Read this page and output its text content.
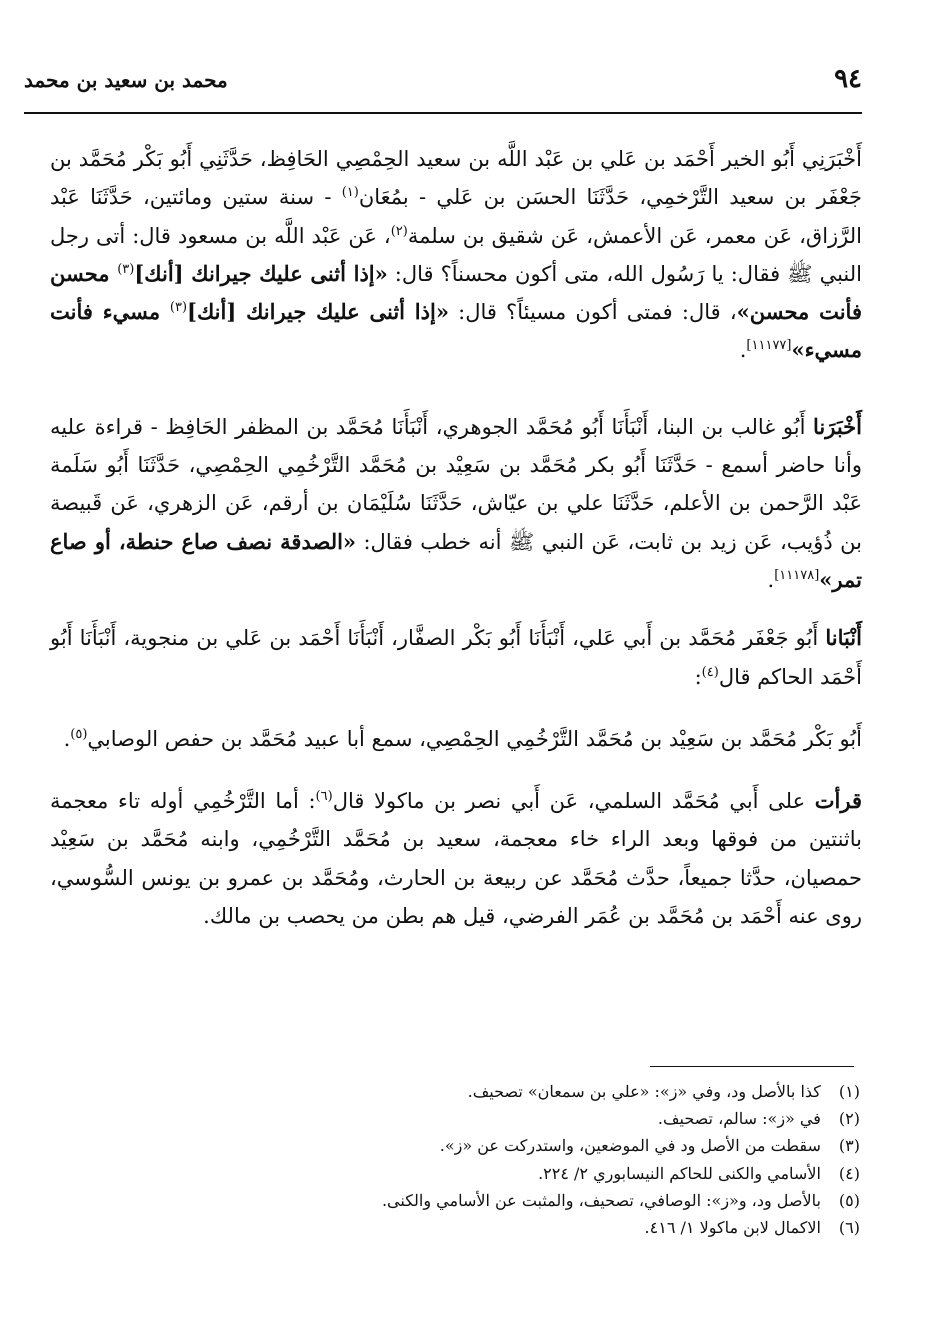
٩٤
محمد بن سعيد بن محمد

أَخْبَرَنِي أَبُو الخير أَحْمَد بن عَلي بن عَبْد اللَّه بن سعيد الحِمْصِي الحَافِظ، حَدَّثَنِي أَبُو بَكْر مُحَمَّد بن جَعْفَر بن سعيد التَّرْخمِي، حَدَّثَنَا الحسَن بن عَلي - بمُعَان$^{(١)}$ - سنة ستين ومائتين، حَدَّثَنَا عَبْد الرَّزاق، عَن معمر، عَن الأعمش، عَن شقيق بن سلمة$^{(٢)}$، عَن عَبْد اللَّه بن مسعود قال: أتى رجل النبي ﷺ فقال: يا رَسُول الله، متى أكون محسناً؟ قال: «إذا أثنى عليك جيرانك [أنك]$^{(٣)}$ محسن فأنت محسن»، قال: فمتى أكون مسيئاً؟ قال: «إذا أثنى عليك جيرانك [أنك]$^{(٣)}$ مسيء فأنت مسيء»[١١١٧٧].

أَخْبَرَنا أَبُو غالب بن البنا، أَنْبَأَنَا أَبُو مُحَمَّد الجوهري، أَنْبَأَنَا مُحَمَّد بن المظفر الحَافِظ - قراءة عليه وأنا حاضر أسمع - حَدَّثَنَا أَبُو بكر مُحَمَّد بن سَعِيْد بن مُحَمَّد التَّرْخُمِي الحِمْصِي، حَدَّثَنَا أَبُو سَلَمة عَبْد الرَّحمن بن الأعلم، حَدَّثَنَا علي بن عيّاش، حَدَّثَنَا سُلَيْمَان بن أرقم، عَن الزهري، عَن قَبيصة بن ذُؤيب، عَن زيد بن ثابت، عَن النبي ﷺ أنه خطب فقال: «الصدقة نصف صاع حنطة، أو صاع تمر»[١١١٧٨].

أَنْبَانا أَبُو جَعْفَر مُحَمَّد بن أَبي عَلي، أَنْبَأَنَا أَبُو بَكْر الصفَّار، أَنْبَأَنَا أَحْمَد بن عَلي بن منجوية، أَنْبَأَنَا أَبُو أَحْمَد الحاكم قال$^{(٤)}$:

أَبُو بَكْر مُحَمَّد بن سَعِيْد بن مُحَمَّد التَّرْخُمِي الحِمْصِي، سمع أبا عبيد مُحَمَّد بن حفص الوصابي$^{(٥)}$.

قرأت على أَبي مُحَمَّد السلمي، عَن أَبي نصر بن ماكولا قال$^{(٦)}$: أما التَّرْخُمِي أوله تاء معجمة باثنتين من فوقها وبعد الراء خاء معجمة، سعيد بن مُحَمَّد التَّرْخُمِي، وابنه مُحَمَّد بن سَعِيْد حمصيان، حدَّثا جميعاً، حدَّث مُحَمَّد عن ربيعة بن الحارث، ومُحَمَّد بن عمرو بن يونس السُّوسي، روى عنه أَحْمَد بن مُحَمَّد بن عُمَر الفرضي، قيل هم بطن من يحصب بن مالك.

(١) كذا بالأصل ود، وفي «ز»: «علي بن سمعان» تصحيف.
(٢) في «ز»: سالم، تصحيف.
(٣) سقطت من الأصل ود في الموضعين، واستدركت عن «ز».
(٤) الأسامي والكنى للحاكم النيسابوري ٢/ ٢٢٤.
(٥) بالأصل ود، و«ز»: الوصافي، تصحيف، والمثبت عن الأسامي والكنى.
(٦) الاكمال لابن ماكولا ١/ ٤١٦.
